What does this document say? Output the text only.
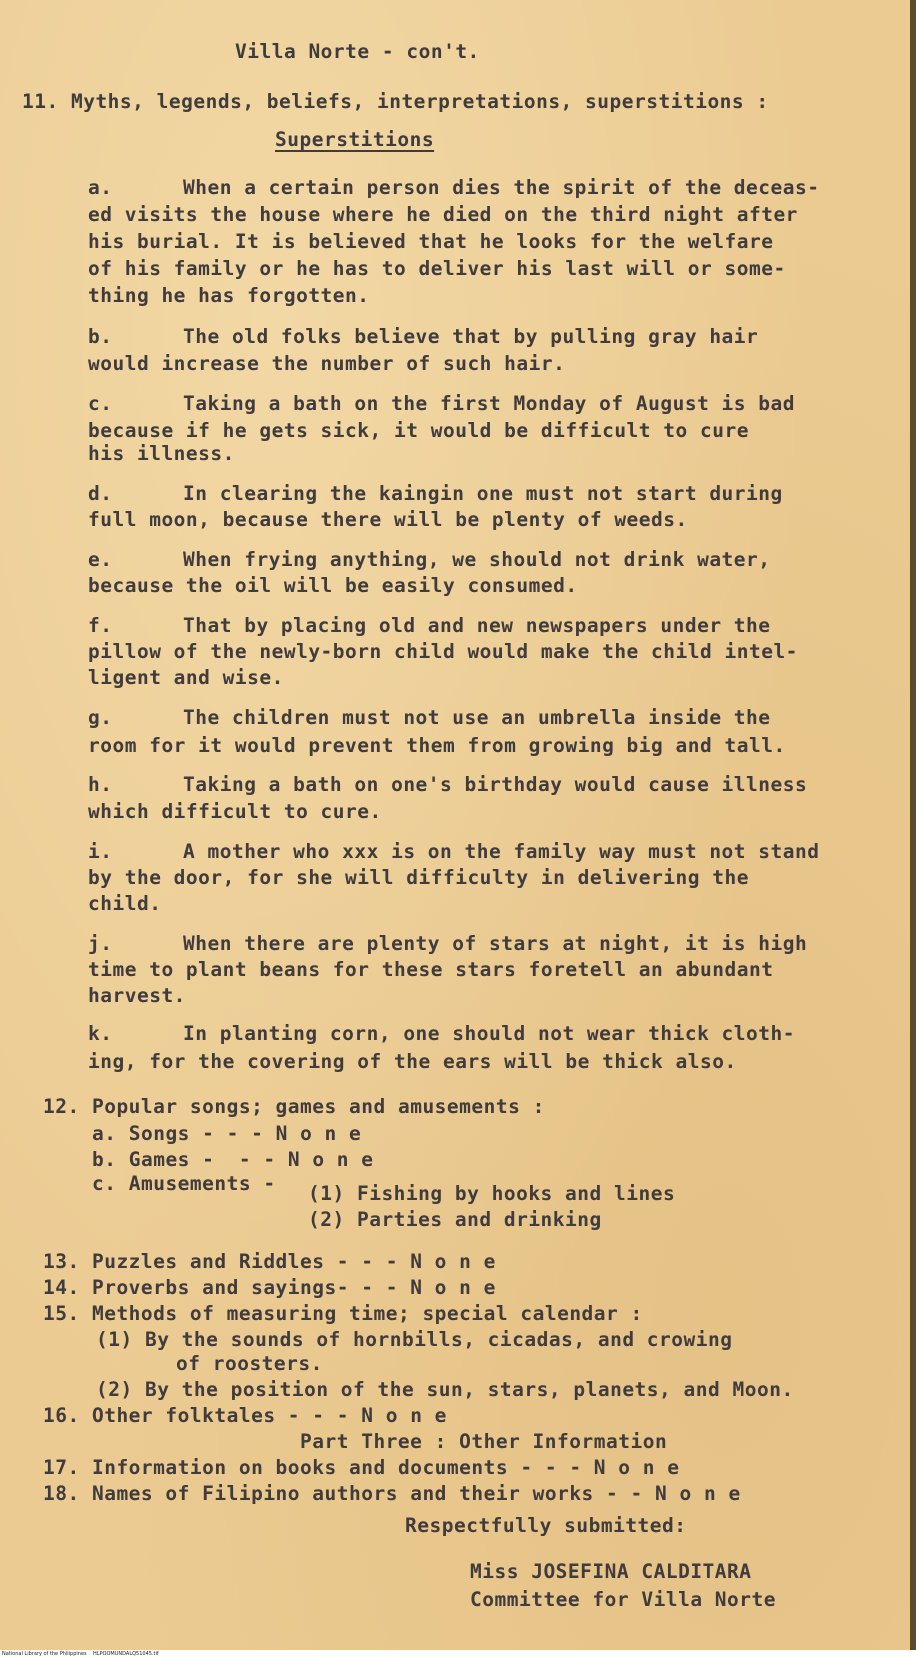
Villa Norte - con't.
11. Myths, legends, beliefs, interpretations, superstitions :
Superstitions
a.	When a certain person dies the spirit of the deceas-
ed visits the house where he died on the third night after
his burial. It is believed that he looks for the welfare
of his family or he has to deliver his last will or some-
thing he has forgotten.
b.	The old folks believe that by pulling gray hair
would increase the number of such hair.
c.	Taking a bath on the first Monday of August is bad
because if he gets sick, it would be difficult to cure
his illness.
d.	In clearing the kaingin one must not start during
full moon, because there will be plenty of weeds.
e.	When frying anything, we should not drink water,
because the oil will be easily consumed.
f.	That by placing old and new newspapers under the
pillow of the newly-born child would make the child intel-
ligent and wise.
g.	The children must not use an umbrella inside the
room for it would prevent them from growing big and tall.
h.	Taking a bath on one's birthday would cause illness
which difficult to cure.
i.	A mother who xxx is on the family way must not stand
by the door, for she will difficulty in delivering the
child.
j.	When there are plenty of stars at night, it is high
time to plant beans for these stars foretell an abundant
harvest.
k.	In planting corn, one should not wear thick cloth-
ing, for the covering of the ears will be thick also.
12. Popular songs; games and amusements :
a. Songs - - - N o n e
b. Games -  - - N o n e
c. Amusements - (1) Fishing by hooks and lines
(2) Parties and drinking
13. Puzzles and Riddles - - - N o n e
14. Proverbs and sayings- - - N o n e
15. Methods of measuring time; special calendar :
(1) By the sounds of hornbills, cicadas, and crowing
of roosters.
(2) By the position of the sun, stars, planets, and Moon.
16. Other folktales - - - N o n e
Part Three : Other Information
17. Information on books and documents - - - N o n e
18. Names of Filipino authors and their works - - N o n e
Respectfully submitted:
Miss JOSEFINA CALDITARA
Committee for Villa Norte
National Library of the Philippines    HLPOOMUNDALQ51045.tif
